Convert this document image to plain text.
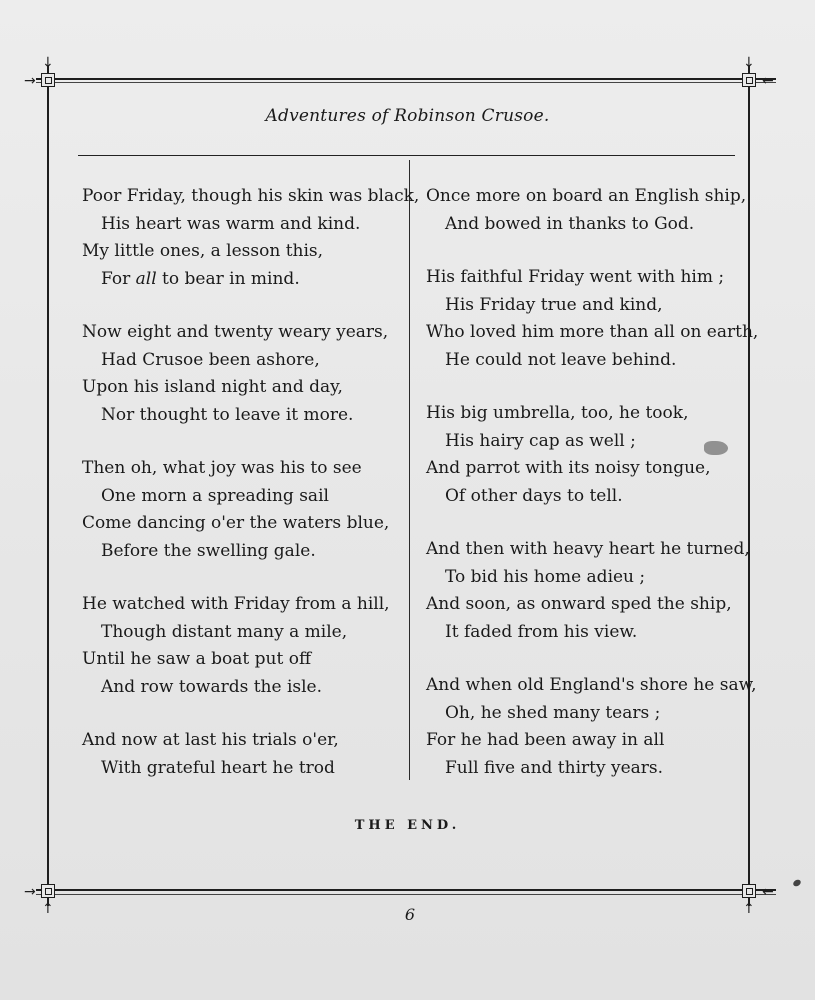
↓	↓
↑	↑
→	←
→	←
Adventures of Robinson Crusoe.
Poor Friday, though his skin was black,
His heart was warm and kind.
My little ones, a lesson this,
For all to bear in mind.
Now eight and twenty weary years,
Had Crusoe been ashore,
Upon his island night and day,
Nor thought to leave it more.
Then oh, what joy was his to see
One morn a spreading sail
Come dancing o'er the waters blue,
Before the swelling gale.
He watched with Friday from a hill,
Though distant many a mile,
Until he saw a boat put off
And row towards the isle.
And now at last his trials o'er,
With grateful heart he trod
Once more on board an English ship,
And bowed in thanks to God.
His faithful Friday went with him ;
His Friday true and kind,
Who loved him more than all on earth,
He could not leave behind.
His big umbrella, too, he took,
His hairy cap as well ;
And parrot with its noisy tongue,
Of other days to tell.
And then with heavy heart he turned,
To bid his home adieu ;
And soon, as onward sped the ship,
It faded from his view.
And when old England's shore he saw,
Oh, he shed many tears ;
For he had been away in all
Full five and thirty years.
THE END.
6
